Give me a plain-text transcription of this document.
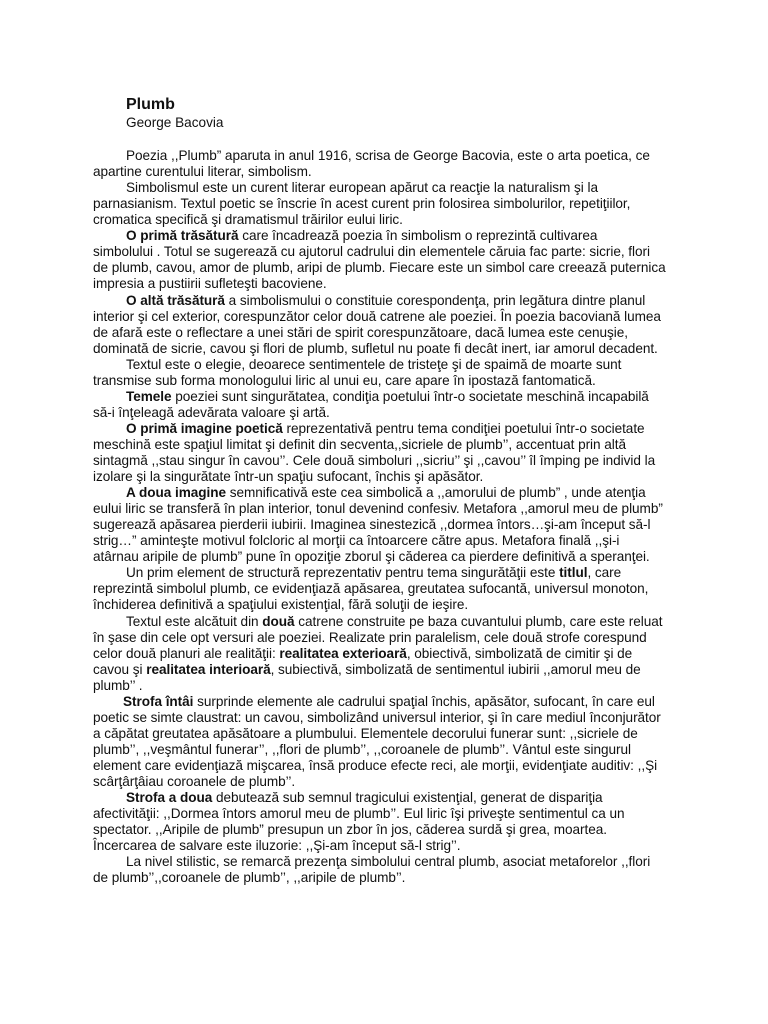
Plumb
George Bacovia
Poezia ,,Plumb” aparuta in anul 1916, scrisa de George Bacovia, este o arta poetica, ce
apartine curentului literar, simbolism.
Simbolismul este un curent literar european apărut ca reacţie la naturalism şi la
parnasianism. Textul poetic se înscrie în acest curent prin folosirea simbolurilor, repetiţiilor,
cromatica specifică şi dramatismul trăirilor eului liric.
O primă trăsătură care încadrează poezia în simbolism o reprezintă cultivarea
simbolului . Totul se sugerează cu ajutorul cadrului din elementele căruia fac parte: sicrie, flori
de plumb, cavou, amor de plumb, aripi de plumb. Fiecare este un simbol care creează puternica
impresia a pustiirii sufleteşti bacoviene.
O altă trăsătură a simbolismului o constituie corespondenţa, prin legătura dintre planul
interior şi cel exterior, corespunzător celor două catrene ale poeziei. În poezia bacoviană lumea
de afară este o reflectare a unei stări de spirit corespunzătoare, dacă lumea este cenuşie,
dominată de sicrie, cavou şi flori de plumb, sufletul nu poate fi decât inert, iar amorul decadent.
Textul este o elegie, deoarece sentimentele de tristeţe şi de spaimă de moarte sunt
transmise sub forma monologului liric al unui eu, care apare în ipostază fantomatică.
Temele poeziei sunt singurătatea, condiţia poetului într-o societate meschină incapabilă
să-i înţeleagă adevărata valoare şi artă.
O primă imagine poetică reprezentativă pentru tema condiţiei poetului într-o societate
meschină este spaţiul limitat şi definit din secventa,,sicriele de plumb’’, accentuat prin altă
sintagmă ,,stau singur în cavou’’. Cele două simboluri ,,sicriu’’ şi ,,cavou’’ îl împing pe individ la
izolare şi la singurătate într-un spaţiu sufocant, închis şi apăsător.
A doua imagine semnificativă este cea simbolică a ,,amorului de plumb” , unde atenţia
eului liric se transferă în plan interior, tonul devenind confesiv. Metafora ,,amorul meu de plumb”
sugerează apăsarea pierderii iubirii. Imaginea sinestezică ,,dormea întors…şi-am început să-l
strig…” aminteşte motivul folcloric al morţii ca întoarcere către apus. Metafora finală ,,şi-i
atârnau aripile de plumb” pune în opoziţie zborul şi căderea ca pierdere definitivă a speranţei.
Un prim element de structură reprezentativ pentru tema singurătăţii este titlul, care
reprezintă simbolul plumb, ce evidenţiază apăsarea, greutatea sufocantă, universul monoton,
închiderea definitivă a spaţiului existenţial, fără soluţii de ieşire.
Textul este alcătuit din două catrene construite pe baza cuvantului plumb, care este reluat
în şase din cele opt versuri ale poeziei. Realizate prin paralelism, cele două strofe corespund
celor două planuri ale realităţii: realitatea exterioară, obiectivă, simbolizată de cimitir şi de
cavou şi realitatea interioară, subiectivă, simbolizată de sentimentul iubirii ,,amorul meu de
plumb’’ .
Strofa întâi surprinde elemente ale cadrului spaţial închis, apăsător, sufocant, în care eul
poetic se simte claustrat: un cavou, simbolizând universul interior, şi în care mediul înconjurător
a căpătat greutatea apăsătoare a plumbului. Elementele decorului funerar sunt: ,,sicriele de
plumb’’, ,,veşmântul funerar’’, ,,flori de plumb’’, ,,coroanele de plumb’’. Vântul este singurul
element care evidenţiază mişcarea, însă produce efecte reci, ale morţii, evidenţiate auditiv: ,,Şi
scârţârţâiau coroanele de plumb’’.
Strofa a doua debutează sub semnul tragicului existenţial, generat de dispariţia
afectivităţii: ,,Dormea întors amorul meu de plumb’’. Eul liric îşi priveşte sentimentul ca un
spectator. ,,Aripile de plumb” presupun un zbor în jos, căderea surdă şi grea, moartea.
Încercarea de salvare este iluzorie: ,,Şi-am început să-l strig’’.
La nivel stilistic, se remarcă prezenţa simbolului central plumb, asociat metaforelor ,,flori
de plumb’’,,coroanele de plumb’’, ,,aripile de plumb’’.
